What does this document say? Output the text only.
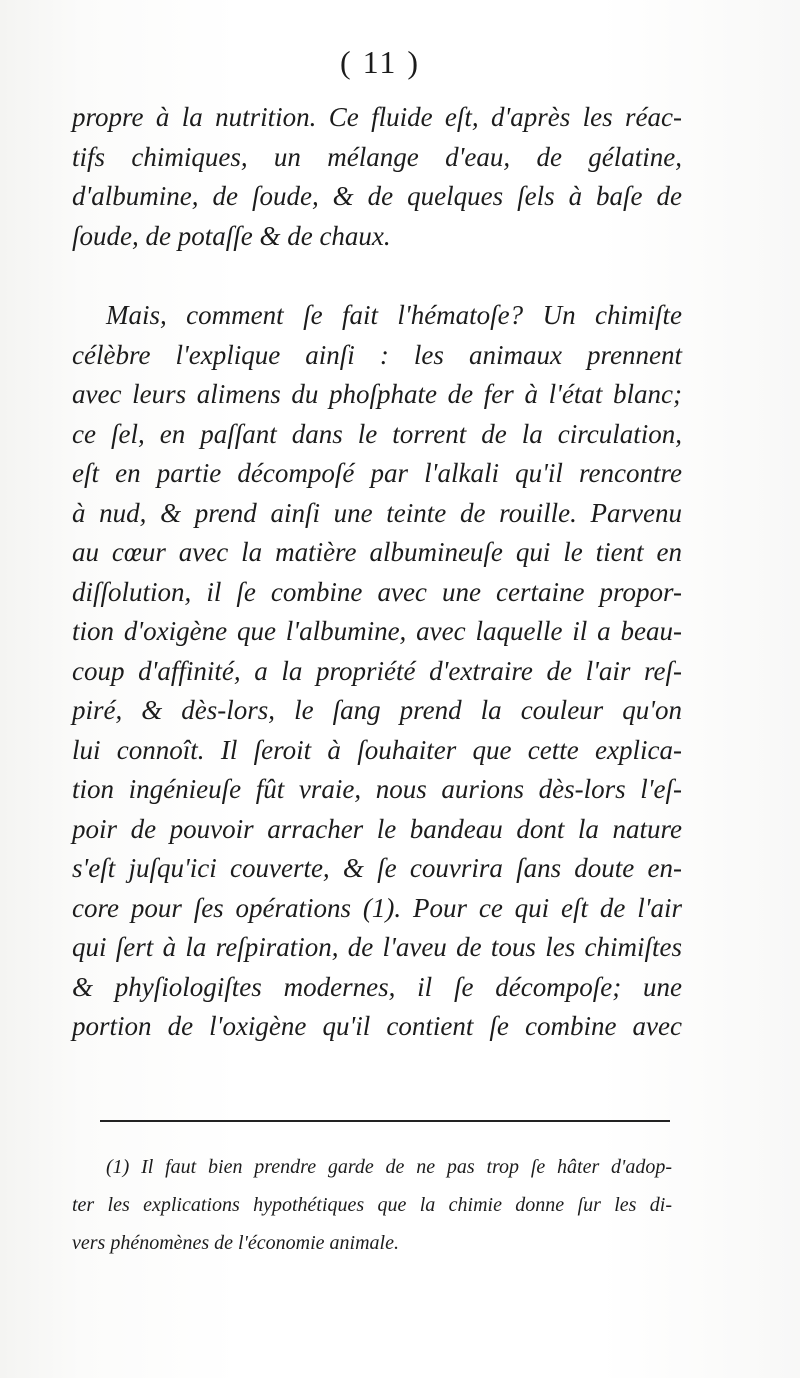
( 11 )
propre à la nutrition. Ce fluide eſt, d'après les réac-
tifs chimiques, un mélange d'eau, de gélatine,
d'albumine, de ſoude, & de quelques ſels à baſe de
ſoude, de potaſſe & de chaux.
Mais, comment ſe fait l'hématoſe? Un chimiſte
célèbre l'explique ainſi : les animaux prennent
avec leurs alimens du phoſphate de fer à l'état blanc;
ce ſel, en paſſant dans le torrent de la circulation,
eſt en partie décompoſé par l'alkali qu'il rencontre
à nud, & prend ainſi une teinte de rouille. Parvenu
au cœur avec la matière albumineuſe qui le tient en
diſſolution, il ſe combine avec une certaine propor-
tion d'oxigène que l'albumine, avec laquelle il a beau-
coup d'affinité, a la propriété d'extraire de l'air reſ-
piré, & dès-lors, le ſang prend la couleur qu'on
lui connoît. Il ſeroit à ſouhaiter que cette explica-
tion ingénieuſe fût vraie, nous aurions dès-lors l'eſ-
poir de pouvoir arracher le bandeau dont la nature
s'eſt juſqu'ici couverte, & ſe couvrira ſans doute en-
core pour ſes opérations (1). Pour ce qui eſt de l'air
qui ſert à la reſpiration, de l'aveu de tous les chimiſtes
& phyſiologiſtes modernes, il ſe décompoſe; une
portion de l'oxigène qu'il contient ſe combine avec
(1) Il faut bien prendre garde de ne pas trop ſe hâter d'adop-
ter les explications hypothétiques que la chimie donne ſur les di-
vers phénomènes de l'économie animale.
